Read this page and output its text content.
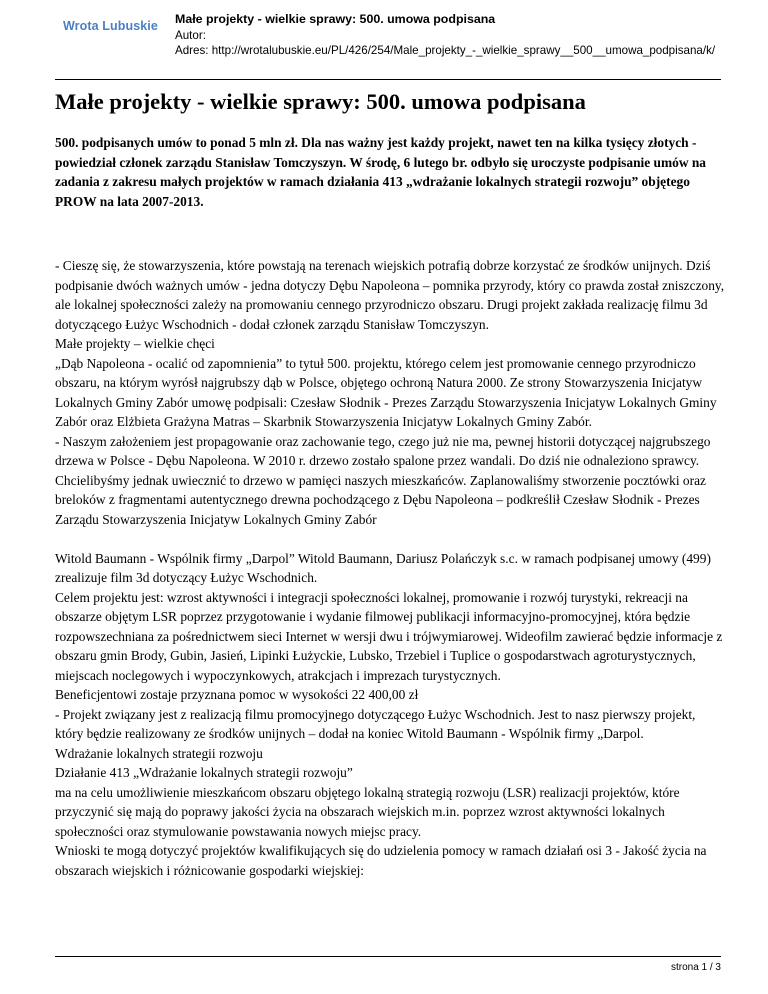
Wrota Lubuskie Małe projekty - wielkie sprawy: 500. umowa podpisana
Autor:
Adres: http://wrotalubuskie.eu/PL/426/254/Male_projekty_-_wielkie_sprawy__500__umowa_podpisana/k/
Małe projekty - wielkie sprawy: 500. umowa podpisana
500. podpisanych umów to ponad 5 mln zł. Dla nas ważny jest każdy projekt, nawet ten na kilka tysięcy złotych - powiedział członek zarządu Stanisław Tomczyszyn. W środę, 6 lutego br. odbyło się uroczyste podpisanie umów na zadania z zakresu małych projektów w ramach działania 413 „wdrażanie lokalnych strategii rozwoju” objętego PROW na lata 2007-2013.

- Cieszę się, że stowarzyszenia, które powstają na terenach wiejskich potrafią dobrze korzystać ze środków unijnych. Dziś podpisanie dwóch ważnych umów - jedna dotyczy Dębu Napoleona – pomnika przyrody, który co prawda został zniszczony, ale lokalnej społeczności zależy na promowaniu cennego przyrodniczo obszaru. Drugi projekt zakłada realizację filmu 3d dotyczącego Łużyc Wschodnich - dodał członek zarządu Stanisław Tomczyszyn.

Małe projekty – wielkie chęci

„Dąb Napoleona - ocalić od zapomnienia” to tytuł 500. projektu, którego celem jest promowanie cennego przyrodniczo obszaru, na którym wyrósł najgrubszy dąb w Polsce, objętego ochroną Natura 2000. Ze strony Stowarzyszenia Inicjatyw Lokalnych Gminy Zabór umowę podpisali: Czesław Słodnik - Prezes Zarządu Stowarzyszenia Inicjatyw Lokalnych Gminy Zabór oraz Elżbieta Grażyna Matras – Skarbnik Stowarzyszenia Inicjatyw Lokalnych Gminy Zabór.

- Naszym założeniem jest propagowanie oraz zachowanie tego, czego już nie ma, pewnej historii dotyczącej najgrubszego drzewa w Polsce - Dębu Napoleona. W 2010 r. drzewo zostało spalone przez wandali. Do dziś nie odnaleziono sprawcy. Chcielibyśmy jednak uwiecznić to drzewo w pamięci naszych mieszkańców. Zaplanowaliśmy stworzenie pocztówki oraz breloków z fragmentami autentycznego drewna pochodzącego z Dębu Napoleona – podkreślił Czesław Słodnik - Prezes Zarządu Stowarzyszenia Inicjatyw Lokalnych Gminy Zabór

Witold Baumann - Wspólnik firmy „Darpol” Witold Baumann, Dariusz Polańczyk s.c. w ramach podpisanej umowy (499) zrealizuje film 3d dotyczący Łużyc Wschodnich.

Celem projektu jest: wzrost aktywności i integracji społeczności lokalnej, promowanie i rozwój turystyki, rekreacji na obszarze objętym LSR poprzez przygotowanie i wydanie filmowej publikacji informacyjno-promocyjnej, która będzie rozpowszechniana za pośrednictwem sieci Internet w wersji dwu i trójwymiarowej. Wideofilm zawierać będzie informacje z obszaru gmin Brody, Gubin, Jasień, Lipinki Łużyckie, Lubsko, Trzebiel i Tuplice o gospodarstwach agroturystycznych, miejscach noclegowych i wypoczynkowych, atrakcjach i imprezach turystycznych.

Beneficjentowi zostaje przyznana pomoc w wysokości 22 400,00 zł

- Projekt związany jest z realizacją filmu promocyjnego dotyczącego Łużyc Wschodnich. Jest to nasz pierwszy projekt, który będzie realizowany ze środków unijnych – dodał na koniec Witold Baumann - Wspólnik firmy „Darpol.

Wdrażanie lokalnych strategii rozwoju

Działanie 413 „Wdrażanie lokalnych strategii rozwoju”

ma na celu umożliwienie mieszkańcom obszaru objętego lokalną strategią rozwoju (LSR) realizacji projektów, które przyczynić się mają do poprawy jakości życia na obszarach wiejskich m.in. poprzez wzrost aktywności lokalnych społeczności oraz stymulowanie powstawania nowych miejsc pracy.

Wnioski te mogą dotyczyć projektów kwalifikujących się do udzielenia pomocy w ramach działań osi 3 - Jakość życia na obszarach wiejskich i różnicowanie gospodarki wiejskiej:

strona 1 / 3
